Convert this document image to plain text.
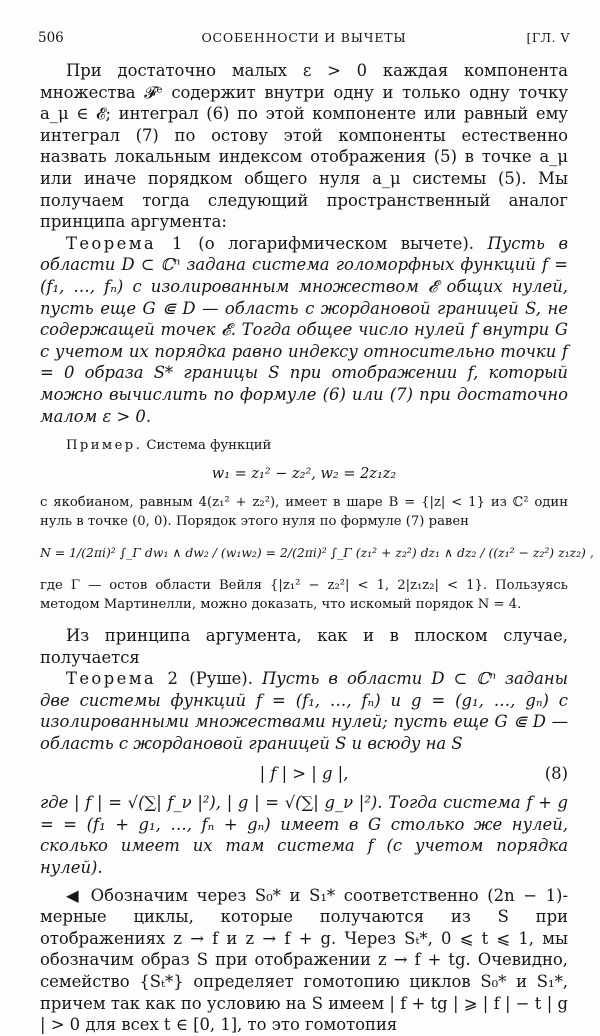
506	ОСОБЕННОСТИ И ВЫЧЕТЫ	[ГЛ. V

При достаточно малых ε > 0 каждая компонента множества 𝓕ᵉ содержит внутри одну и только одну точку a_μ ∈ 𝓔; интеграл (6) по этой компоненте или равный ему интеграл (7) по остову этой компоненты естественно назвать локальным индексом отображения (5) в точке a_μ или иначе порядком общего нуля a_μ системы (5). Мы получаем тогда следующий пространственный аналог принципа аргумента:

Теорема 1 (о логарифмическом вычете). Пусть в области D ⊂ ℂⁿ задана система голоморфных функций f = (f₁, …, fₙ) с изолированным множеством 𝓔 общих нулей, пусть еще G ⋐ D — область с жордановой границей S, не содержащей точек 𝓔. Тогда общее число нулей f внутри G с учетом их порядка равно индексу относительно точки f = 0 образа S* границы S при отображении f, который можно вычислить по формуле (6) или (7) при достаточно малом ε > 0.

Пример. Система функций

w₁ = z₁² − z₂², w₂ = 2z₁z₂

с якобианом, равным 4(z₁² + z₂²), имеет в шаре B = {|z| < 1} из ℂ² один нуль в точке (0, 0). Порядок этого нуля по формуле (7) равен

N = 1/(2πi)² ∫_Γ dw₁ ∧ dw₂ / (w₁w₂) = 2/(2πi)² ∫_Γ (z₁² + z₂²) dz₁ ∧ dz₂ / ((z₁² − z₂²) z₁z₂) ,

где Γ — остов области Вейля {|z₁² − z₂²| < 1, 2|z₁z₂| < 1}. Пользуясь методом Мартинелли, можно доказать, что искомый порядок N = 4.

Из принципа аргумента, как и в плоском случае, получается

Теорема 2 (Руше). Пусть в области D ⊂ ℂⁿ заданы две системы функций f = (f₁, …, fₙ) и g = (g₁, …, gₙ) с изолированными множествами нулей; пусть еще G ⋐ D — область с жордановой границей S и всюду на S

| f | > | g |,	(8)

где | f | = √(∑| f_ν |²), | g | = √(∑| g_ν |²). Тогда система f + g = = (f₁ + g₁, …, fₙ + gₙ) имеет в G столько же нулей, сколько имеет их там система f (с учетом порядка нулей).

◀ Обозначим через S₀* и S₁* соответственно (2n − 1)-мерные циклы, которые получаются из S при отображениях z → f и z → f + g. Через Sₜ*, 0 ⩽ t ⩽ 1, мы обозначим образ S при отображении z → f + tg. Очевидно, семейство {Sₜ*} определяет гомотопию циклов S₀* и S₁*, причем так как по условию на S имеем | f + tg | ⩾ | f | − t | g | > 0 для всех t ∈ [0, 1], то это гомотопия
